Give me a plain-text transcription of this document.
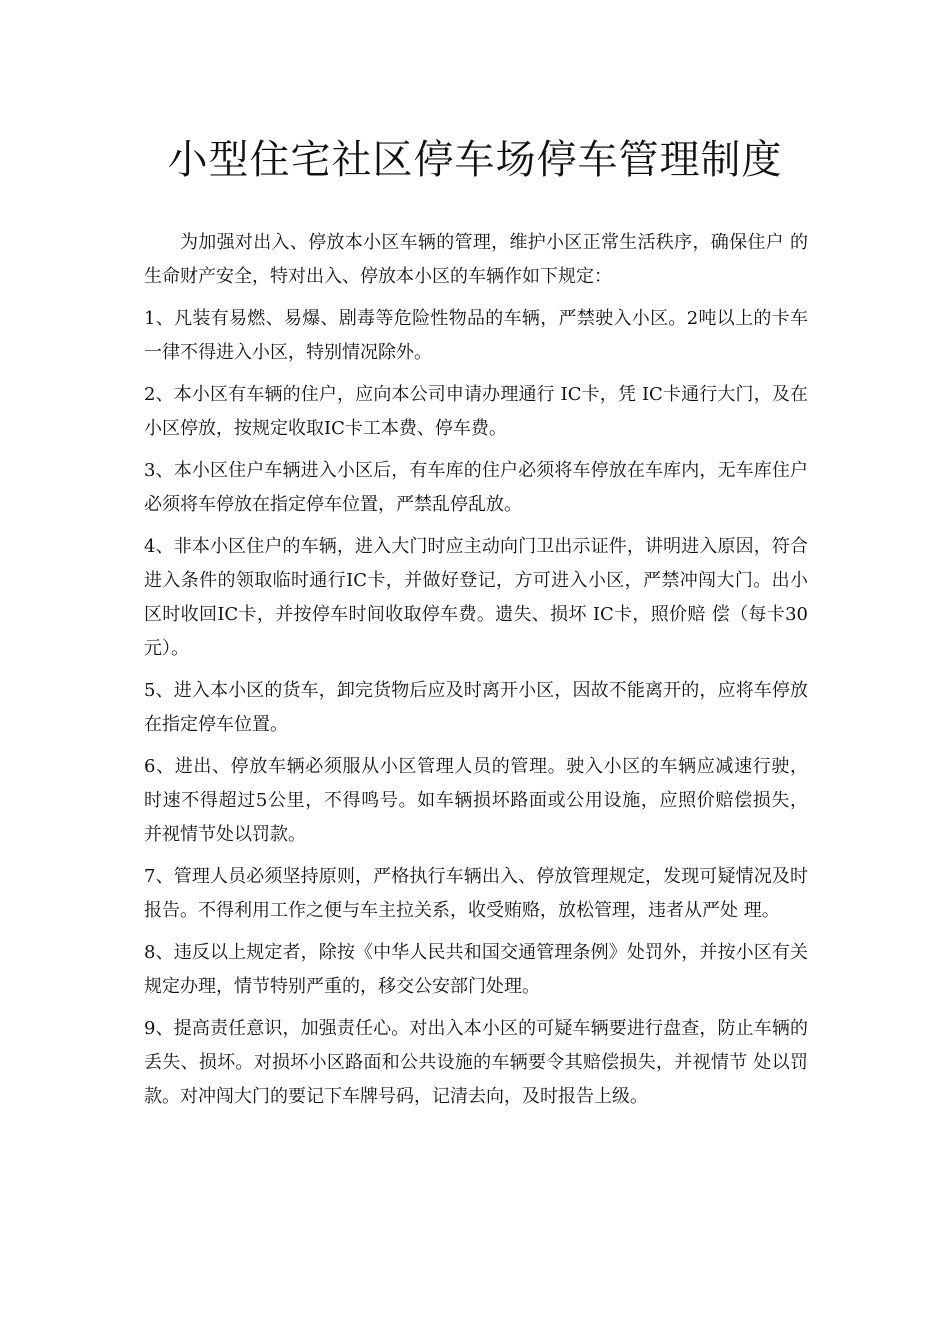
小型住宅社区停车场停车管理制度

为加强对出入、停放本小区车辆的管理，维护小区正常生活秩序，确保住户 的生命财产安全，特对出入、停放本小区的车辆作如下规定：

1、凡装有易燃、易爆、剧毒等危险性物品的车辆，严禁驶入小区。2吨以上的卡车一律不得进入小区，特别情况除外。

2、本小区有车辆的住户，应向本公司申请办理通行 IC卡，凭 IC卡通行大门，及在小区停放，按规定收取IC卡工本费、停车费。

3、本小区住户车辆进入小区后，有车库的住户必须将车停放在车库内，无车库住户必须将车停放在指定停车位置，严禁乱停乱放。

4、非本小区住户的车辆，进入大门时应主动向门卫出示证件，讲明进入原因，符合进入条件的领取临时通行IC卡，并做好登记，方可进入小区，严禁冲闯大门。出小区时收回IC卡，并按停车时间收取停车费。遗失、损坏 IC卡，照价赔 偿（每卡30元）。

5、进入本小区的货车，卸完货物后应及时离开小区，因故不能离开的，应将车停放在指定停车位置。

6、进出、停放车辆必须服从小区管理人员的管理。驶入小区的车辆应减速行驶， 时速不得超过5公里，不得鸣号。如车辆损坏路面或公用设施，应照价赔偿损失， 并视情节处以罚款。

7、管理人员必须坚持原则，严格执行车辆出入、停放管理规定，发现可疑情况及时报告。不得利用工作之便与车主拉关系，收受贿赂，放松管理，违者从严处 理。

8、违反以上规定者，除按《中华人民共和国交通管理条例》处罚外，并按小区有关规定办理，情节特别严重的，移交公安部门处理。

9、提高责任意识，加强责任心。对出入本小区的可疑车辆要进行盘查，防止车辆的丢失、损坏。对损坏小区路面和公共设施的车辆要令其赔偿损失，并视情节 处以罚款。对冲闯大门的要记下车牌号码，记清去向，及时报告上级。
